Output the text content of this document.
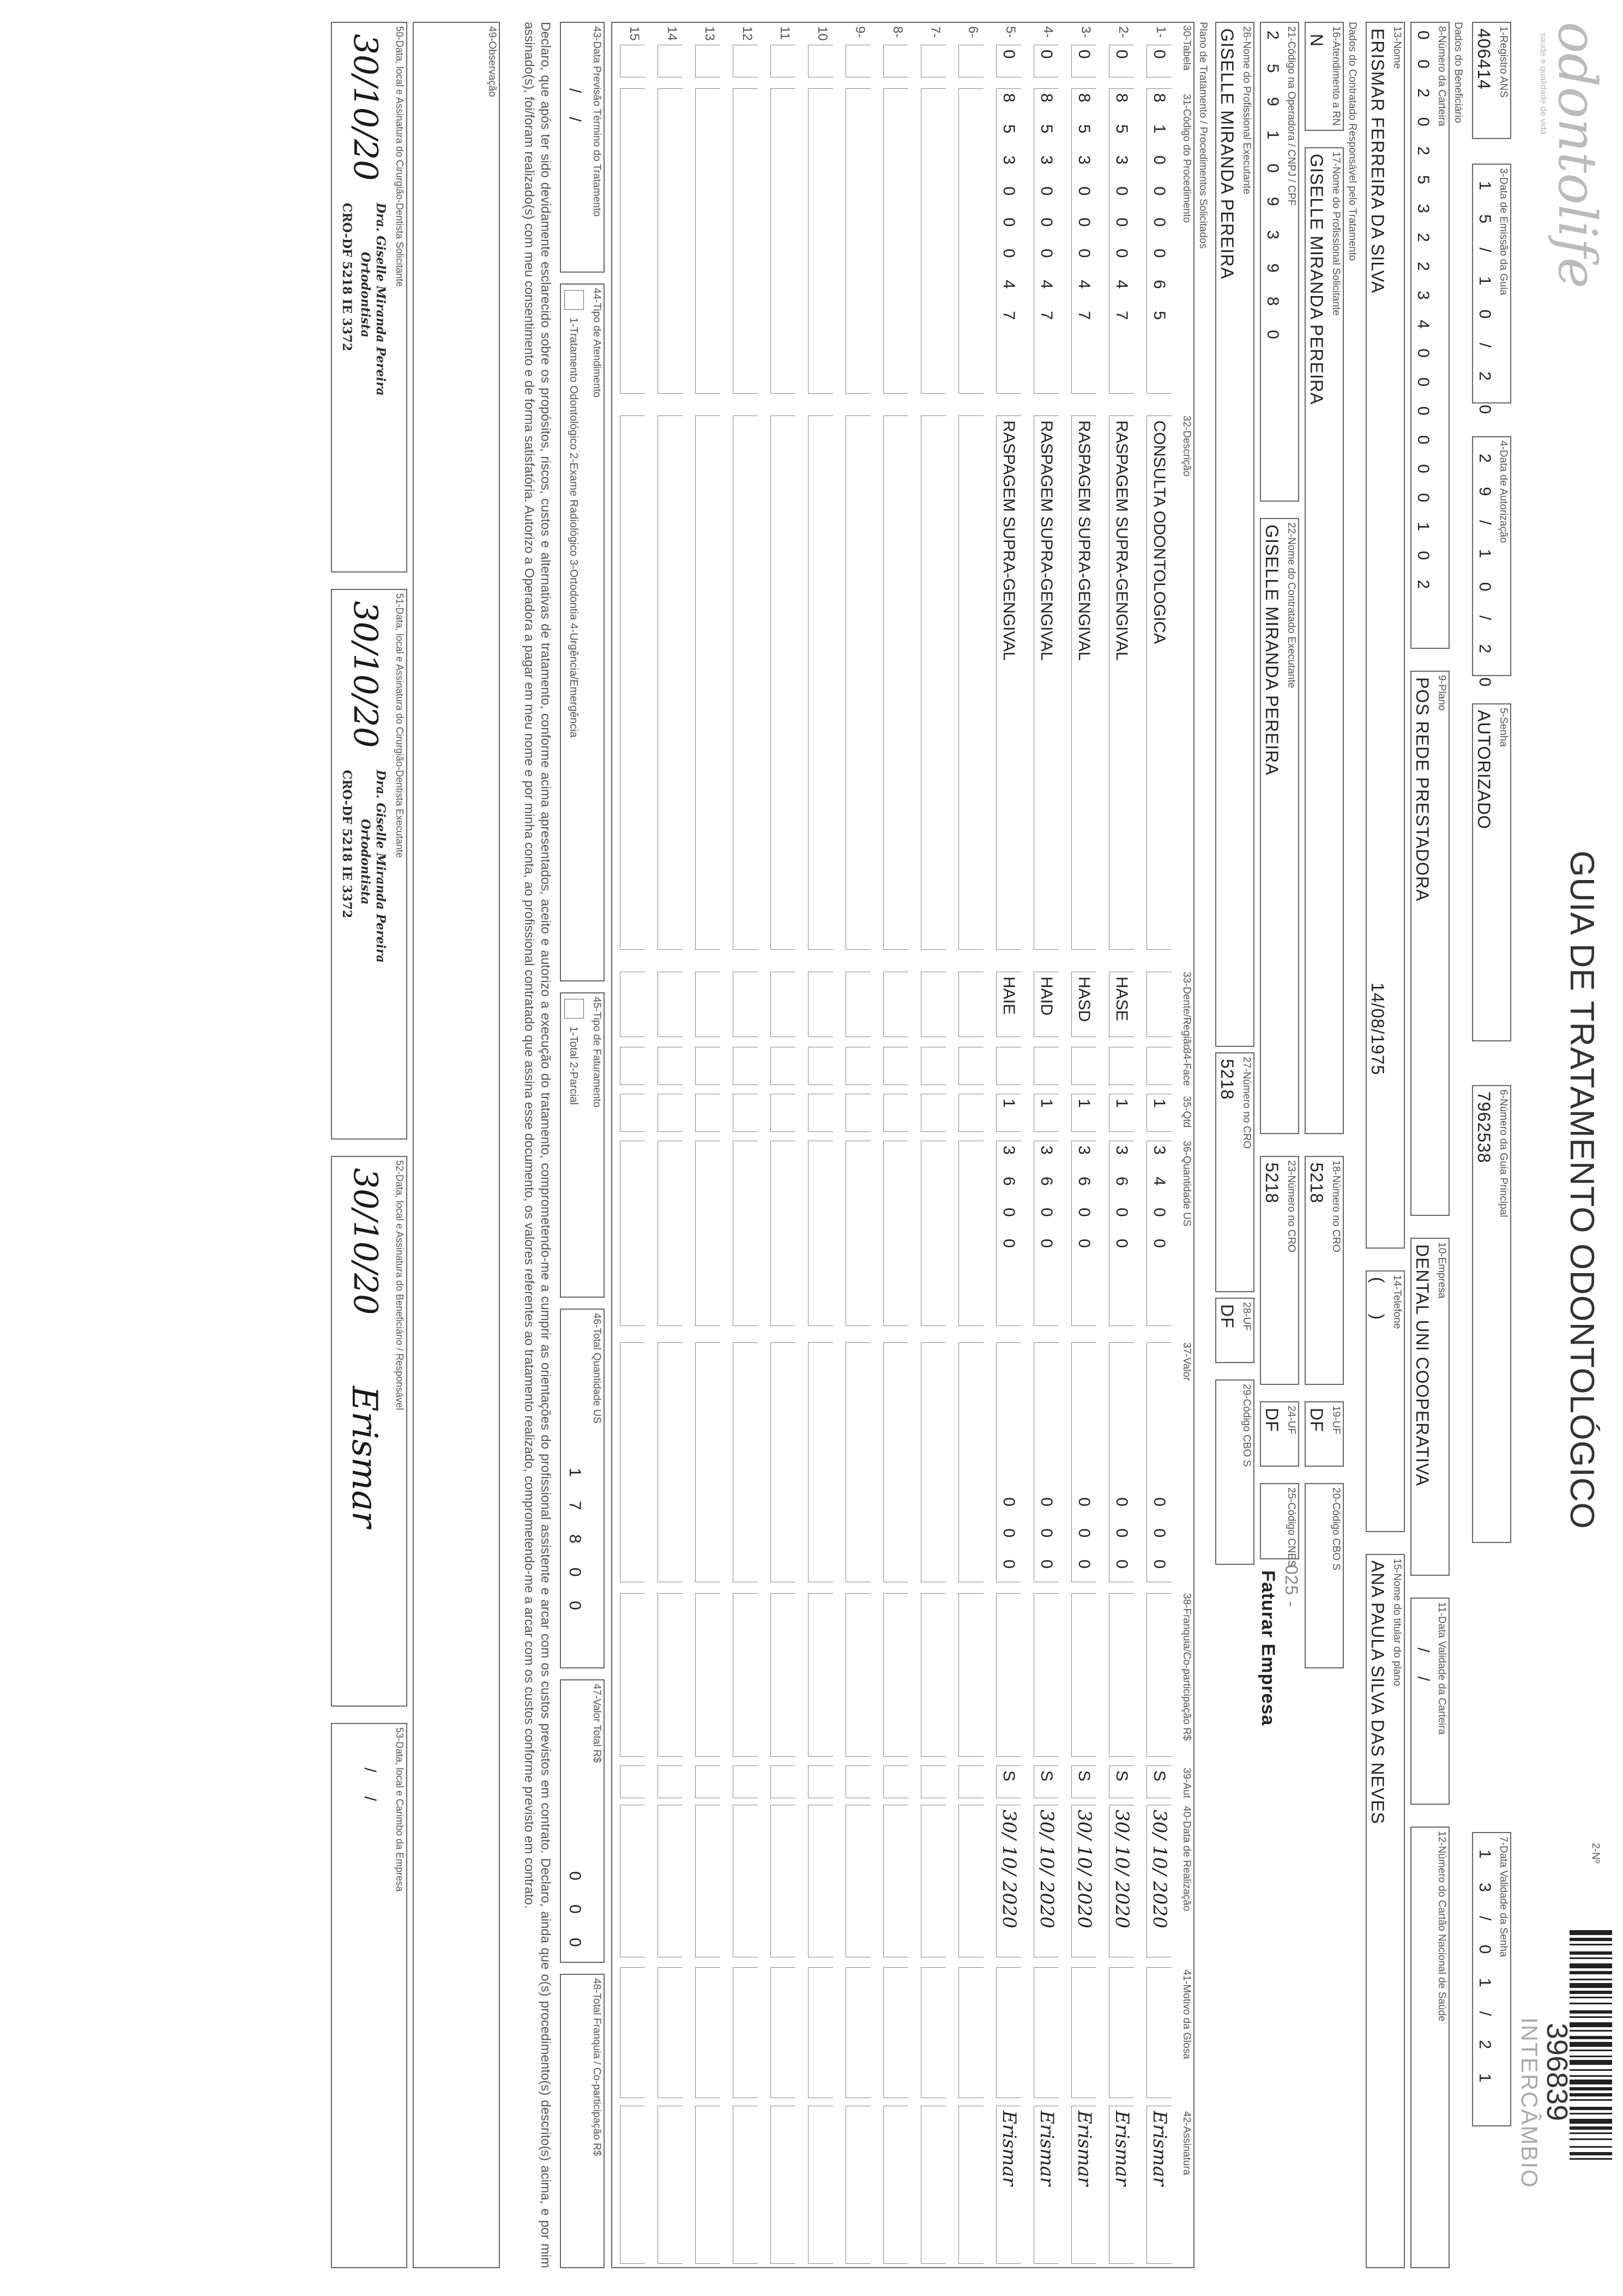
odontolife
saúde e qualidade de vida
GUIA DE TRATAMENTO ODONTOLÓGICO
2-Nº
396839
INTERCÂMBIO
1-Registro ANS
406414
3-Data de Emissão da Guia
1 5 / 1 0 / 2 0
4-Data de Autorização
2 9 / 1 0 / 2 0
5-Senha
AUTORIZADO
6-Número da Guia Principal
7962538
7-Data Validade da Senha
1 3 / 0 1 / 2 1
Dados do Beneficiário
8-Número da Carteira
0 0 2 0 2 5 3 2 2 3 4 0 0 0 0 0 0 1 0 2
9-Plano
POS REDE PRESTADORA
10-Empresa
DENTAL UNI COOPERATIVA
11-Data Validade da Carteira
/ /
12-Número do Cartão Nacional de Saúde
13-Nome
ERISMAR FERREIRA DA SILVA
14/08/1975
14-Telefone
( )
15-Nome do titular do plano
ANA PAULA SILVA DAS NEVES
Dados do Contratado Responsável pelo Tratamento
16-Atendimento a RN
N
17-Nome do Profissional Solicitante
GISELLE MIRANDA PEREIRA
18-Número no CRO
5218
19-UF
DF
20-Código CBO S
025 -
Faturar Empresa
21-Código na Operadora / CNPJ / CPF
2 5 9 1 0 9 3 9 8 0
22-Nome do Contratado Executante
GISELLE MIRANDA PEREIRA
23-Número no CRO
5218
24-UF
DF
25-Código CNES
26-Nome do Profissional Executante
GISELLE MIRANDA PEREIRA
27-Número no CRO
5218
28-UF
DF
29-Código CBO S
Plano de Tratamento / Procedimentos Solicitados
30-Tabela
31-Código do Procedimento
32-Descrição
33-Dente/Região
34-Face
35-Qtd
36-Quantidade US
37-Valor
38-Franquia/Co-participação R$
39-Aut
40-Data de Realização
41-Motivo da Glosa
42-Assinatura
1-
0
8 1 0 0 0 0 6 5
CONSULTA ODONTOLOGICA
1
3 4 0 0
0 0 0
S
30/ 10/ 2020
Erismar
2-
0
8 5 3 0 0 0 4 7
RASPAGEM SUPRA-GENGIVAL
HASE
1
3 6 0 0
0 0 0
S
30/ 10/ 2020
Erismar
3-
0
8 5 3 0 0 0 4 7
RASPAGEM SUPRA-GENGIVAL
HASD
1
3 6 0 0
0 0 0
S
30/ 10/ 2020
Erismar
4-
0
8 5 3 0 0 0 4 7
RASPAGEM SUPRA-GENGIVAL
HAID
1
3 6 0 0
0 0 0
S
30/ 10/ 2020
Erismar
5-
0
8 5 3 0 0 0 4 7
RASPAGEM SUPRA-GENGIVAL
HAIE
1
3 6 0 0
0 0 0
S
30/ 10/ 2020
Erismar
6-
7-
8-
9-
10
11
12
13
14
15
43-Data Previsão Término do Tratamento
/ /
44-Tipo de Atendimento
1-Tratamento Odontológico 2-Exame Radiológico 3-Ortodontia 4-Urgência/Emergência
45-Tipo de Faturamento
1-Total 2-Parcial
46-Total Quantidade US
1 7 8 0 0
47-Valor Total R$
0 0 0
48-Total Franquia / Co-participação R$
Declaro, que após ter sido devidamente esclarecido sobre os propósitos, riscos, custos e alternativas de tratamento, conforme acima apresentados, aceito e autorizo a execução do tratamento, comprometendo-me a cumprir as orientações do profissional assistente e arcar com os custos previstos em contrato. Declaro, ainda que o(s) procedimento(s) descrito(s) acima, e por mim assinado(s), foi/foram realizado(s) com meu consentimento e de forma satisfatória. Autorizo a Operadora a pagar em meu nome e por minha conta, ao profissional contratado que assina esse documento, os valores referentes ao tratamento realizado, comprometendo-me a arcar com os custos conforme previsto em contrato.
49-Observação
50-Data, local e Assinatura do Cirurgião-Dentista Solicitante
30/10/20
Dra. Giselle Miranda Pereira
Ortodontista
CRO-DF 5218 IE 3372
51-Data, local e Assinatura do Cirurgião-Dentista Executante
30/10/20
Dra. Giselle Miranda Pereira
Ortodontista
CRO-DF 5218 IE 3372
52-Data, local e Assinatura do Beneficiário / Responsável
30/10/20
Erismar
53-Data, local e Carimbo da Empresa
/ /
